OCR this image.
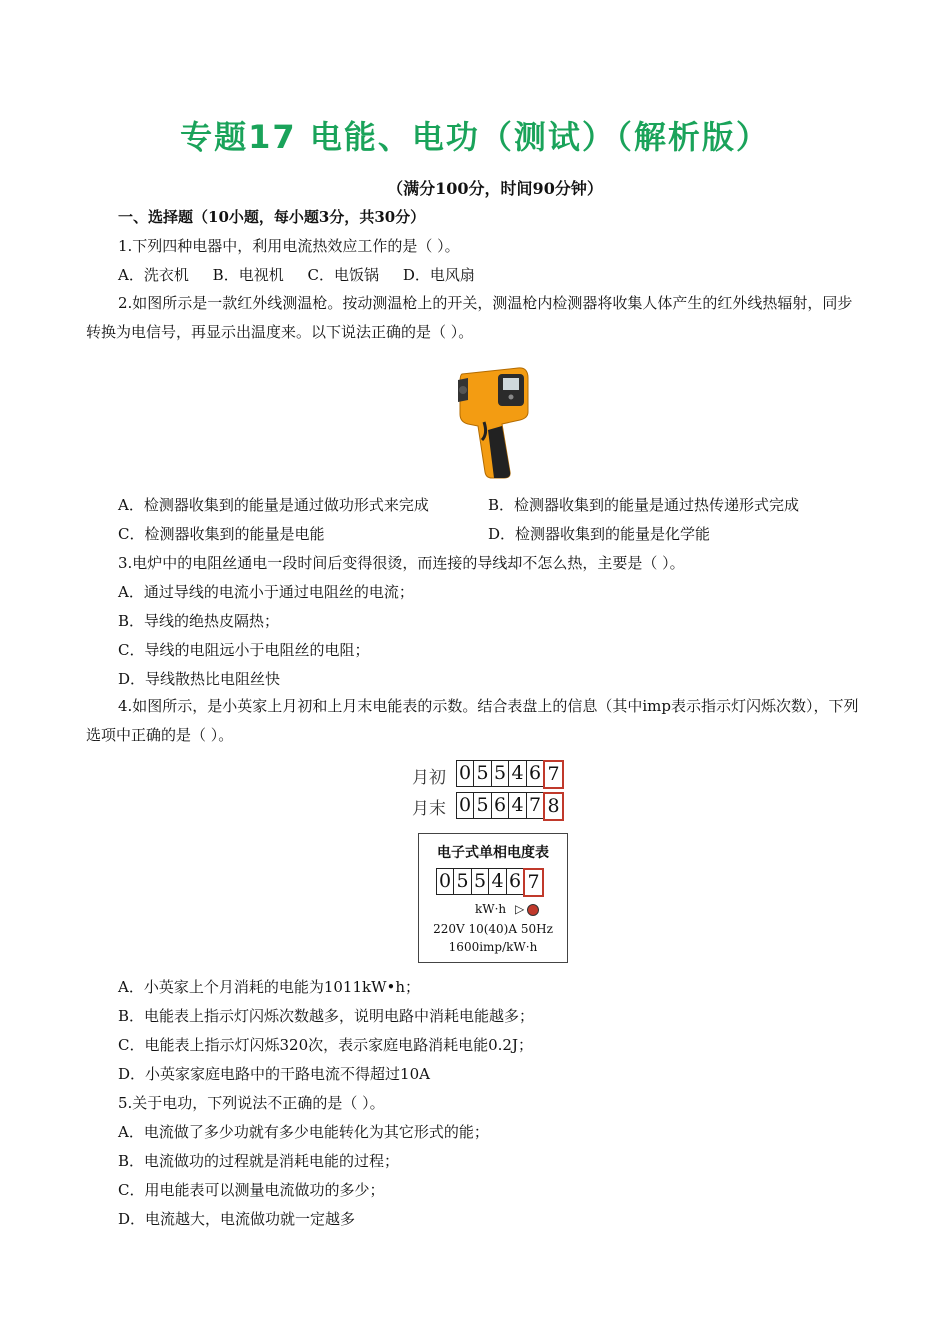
专题17 电能、电功（测试）（解析版）
（满分100分，时间90分钟）
一、选择题（10小题，每小题3分，共30分）
1.下列四种电器中，利用电流热效应工作的是（ ）。
A．洗衣机     B．电视机     C．电饭锅     D．电风扇
2.如图所示是一款红外线测温枪。按动测温枪上的开关，测温枪内检测器将收集人体产生的红外线热辐射，同步转换为电信号，再显示出温度来。以下说法正确的是（ ）。
A．检测器收集到的能量是通过做功形式来完成	B．检测器收集到的能量是通过热传递形式完成
C．检测器收集到的能量是电能	D．检测器收集到的能量是化学能
3.电炉中的电阻丝通电一段时间后变得很烫，而连接的导线却不怎么热，主要是（ ）。
A．通过导线的电流小于通过电阻丝的电流；
B．导线的绝热皮隔热；
C．导线的电阻远小于电阻丝的电阻；
D．导线散热比电阻丝快
4.如图所示，是小英家上月初和上月末电能表的示数。结合表盘上的信息（其中imp表示指示灯闪烁次数），下列选项中正确的是（ ）。
月初 0 5 5 4 6 7
月末 0 5 6 4 7 8
电子式单相电度表
0 5 5 4 6 7
kW·h ▷
220V 10(40)A 50Hz
1600imp/kW·h
A．小英家上个月消耗的电能为1011kW•h；
B．电能表上指示灯闪烁次数越多，说明电路中消耗电能越多；
C．电能表上指示灯闪烁320次，表示家庭电路消耗电能0.2J；
D．小英家家庭电路中的干路电流不得超过10A
5.关于电功，下列说法不正确的是（ ）。
A．电流做了多少功就有多少电能转化为其它形式的能；
B．电流做功的过程就是消耗电能的过程；
C．用电能表可以测量电流做功的多少；
D．电流越大，电流做功就一定越多
